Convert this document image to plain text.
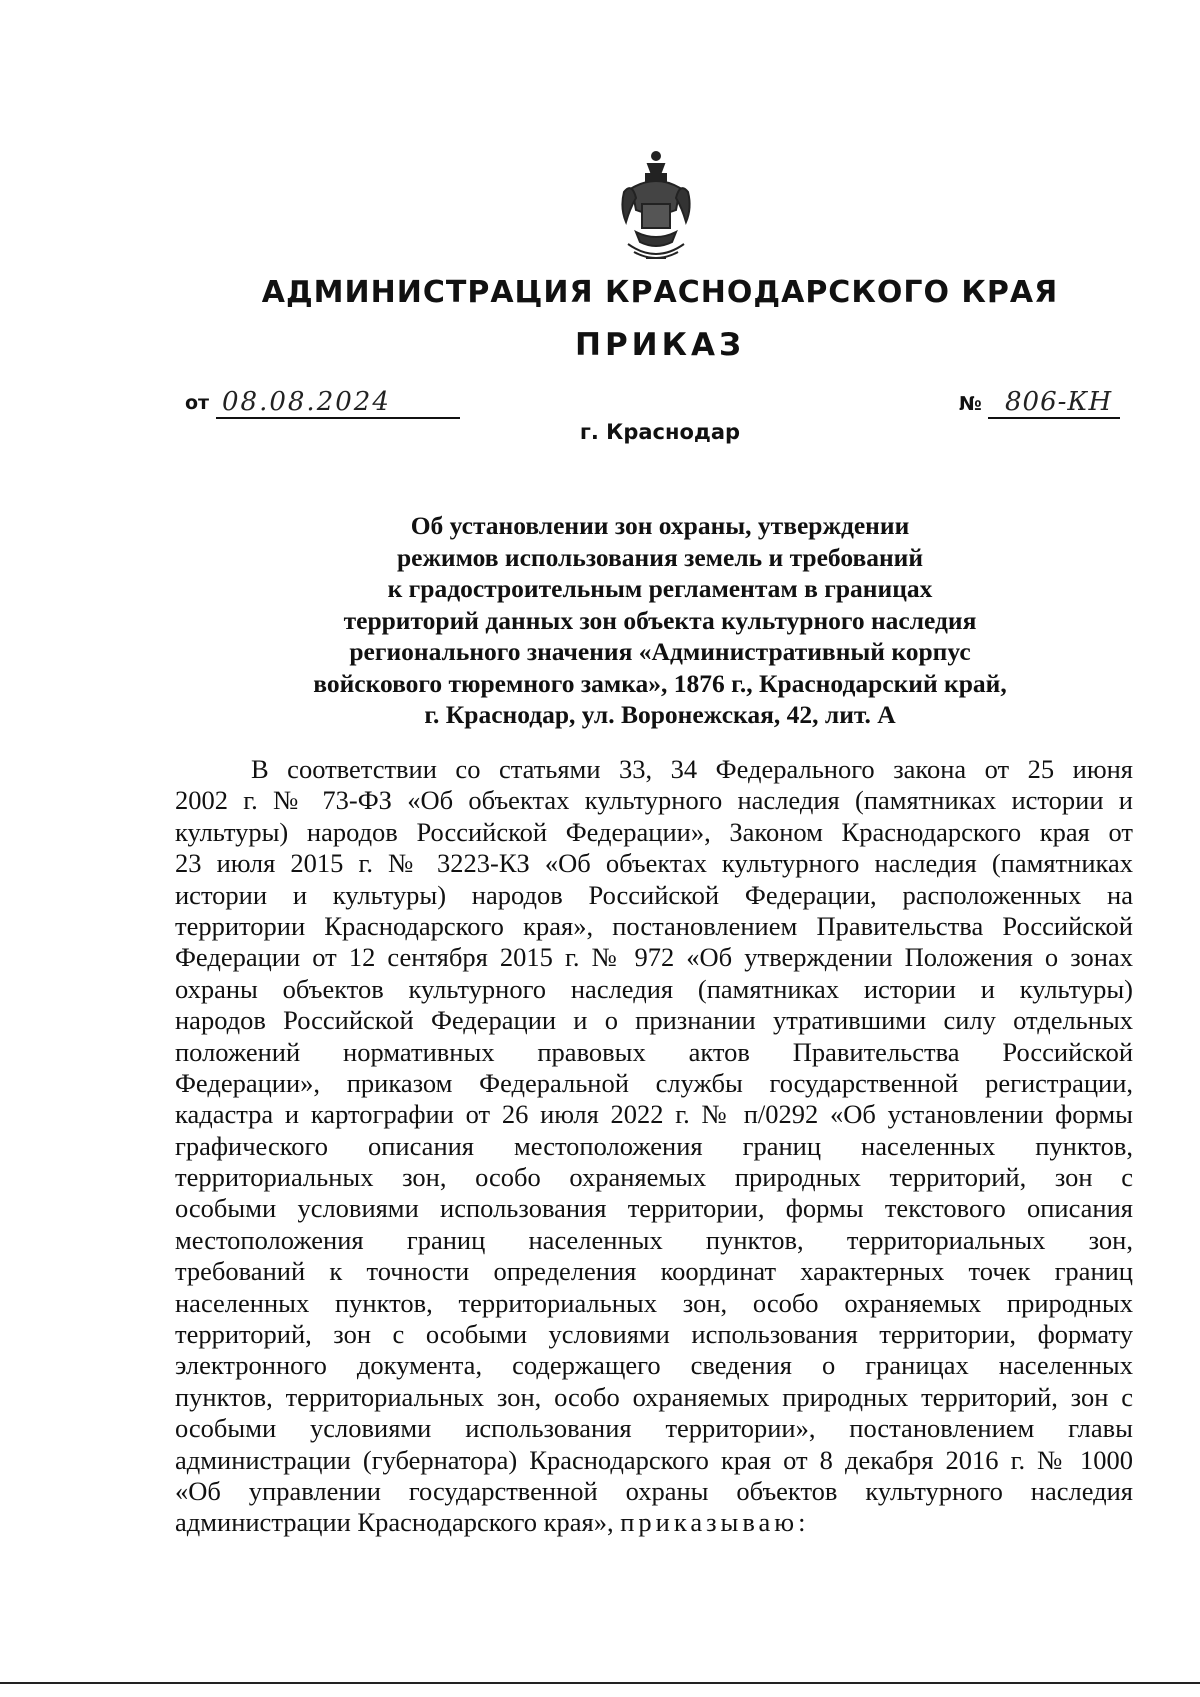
АДМИНИСТРАЦИЯ КРАСНОДАРСКОГО КРАЯ
ПРИКАЗ
от 08.08.2024	№ 806-КН
г. Краснодар
Об установлении зон охраны, утверждении
режимов использования земель и требований
к градостроительным регламентам в границах
территорий данных зон объекта культурного наследия
регионального значения «Административный корпус
войскового тюремного замка», 1876 г., Краснодарский край,
г. Краснодар, ул. Воронежская, 42, лит. А
В соответствии со статьями 33, 34 Федерального закона от 25 июня
2002 г. № 73-ФЗ «Об объектах культурного наследия (памятниках истории и
культуры) народов Российской Федерации», Законом Краснодарского края от
23 июля 2015 г. № 3223-КЗ «Об объектах культурного наследия (памятниках
истории и культуры) народов Российской Федерации, расположенных на
территории Краснодарского края», постановлением Правительства Российской
Федерации от 12 сентября 2015 г. № 972 «Об утверждении Положения о зонах
охраны объектов культурного наследия (памятниках истории и культуры)
народов Российской Федерации и о признании утратившими силу отдельных
положений нормативных правовых актов Правительства Российской
Федерации», приказом Федеральной службы государственной регистрации,
кадастра и картографии от 26 июля 2022 г. № п/0292 «Об установлении формы
графического описания местоположения границ населенных пунктов,
территориальных зон, особо охраняемых природных территорий, зон с
особыми условиями использования территории, формы текстового описания
местоположения границ населенных пунктов, территориальных зон,
требований к точности определения координат характерных точек границ
населенных пунктов, территориальных зон, особо охраняемых природных
территорий, зон с особыми условиями использования территории, формату
электронного документа, содержащего сведения о границах населенных
пунктов, территориальных зон, особо охраняемых природных территорий, зон с
особыми условиями использования территории», постановлением главы
администрации (губернатора) Краснодарского края от 8 декабря 2016 г. № 1000
«Об управлении государственной охраны объектов культурного наследия
администрации Краснодарского края», приказываю:
